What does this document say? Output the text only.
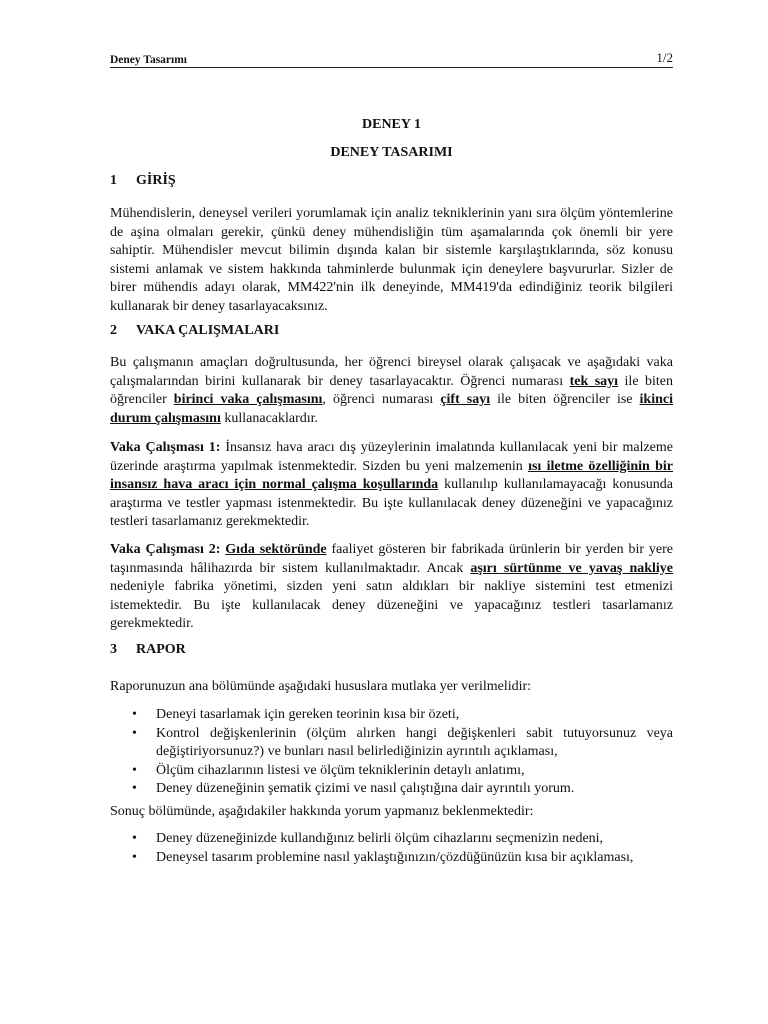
Deney Tasarımı	1/2
DENEY 1
DENEY TASARIMI
1 GİRİŞ

Mühendislerin, deneysel verileri yorumlamak için analiz tekniklerinin yanı sıra ölçüm yöntemlerine de aşina olmaları gerekir, çünkü deney mühendisliğin tüm aşamalarında çok önemli bir yere sahiptir. Mühendisler mevcut bilimin dışında kalan bir sistemle karşılaştıklarında, söz konusu sistemi anlamak ve sistem hakkında tahminlerde bulunmak için deneylere başvururlar. Sizler de birer mühendis adayı olarak, MM422'nin ilk deneyinde, MM419'da edindiğiniz teorik bilgileri kullanarak bir deney tasarlayacaksınız.

2 VAKA ÇALIŞMALARI

Bu çalışmanın amaçları doğrultusunda, her öğrenci bireysel olarak çalışacak ve aşağıdaki vaka çalışmalarından birini kullanarak bir deney tasarlayacaktır. Öğrenci numarası tek sayı ile biten öğrenciler birinci vaka çalışmasını, öğrenci numarası çift sayı ile biten öğrenciler ise ikinci durum çalışmasını kullanacaklardır.

Vaka Çalışması 1: İnsansız hava aracı dış yüzeylerinin imalatında kullanılacak yeni bir malzeme üzerinde araştırma yapılmak istenmektedir. Sizden bu yeni malzemenin ısı iletme özelliğinin bir insansız hava aracı için normal çalışma koşullarında kullanılıp kullanılamayacağı konusunda araştırma ve testler yapması istenmektedir. Bu işte kullanılacak deney düzeneğini ve yapacağınız testleri tasarlamanız gerekmektedir.

Vaka Çalışması 2: Gıda sektöründe faaliyet gösteren bir fabrikada ürünlerin bir yerden bir yere taşınmasında hâlihazırda bir sistem kullanılmaktadır. Ancak aşırı sürtünme ve yavaş nakliye nedeniyle fabrika yönetimi, sizden yeni satın aldıkları bir nakliye sistemini test etmenizi istemektedir. Bu işte kullanılacak deney düzeneğini ve yapacağınız testleri tasarlamanız gerekmektedir.

3 RAPOR

Raporunuzun ana bölümünde aşağıdaki hususlara mutlaka yer verilmelidir:

• Deneyi tasarlamak için gereken teorinin kısa bir özeti,
• Kontrol değişkenlerinin (ölçüm alırken hangi değişkenleri sabit tutuyorsunuz veya değiştiriyorsunuz?) ve bunları nasıl belirlediğinizin ayrıntılı açıklaması,
• Ölçüm cihazlarının listesi ve ölçüm tekniklerinin detaylı anlatımı,
• Deney düzeneğinin şematik çizimi ve nasıl çalıştığına dair ayrıntılı yorum.

Sonuç bölümünde, aşağıdakiler hakkında yorum yapmanız beklenmektedir:

• Deney düzeneğinizde kullandığınız belirli ölçüm cihazlarını seçmenizin nedeni,
• Deneysel tasarım problemine nasıl yaklaştığınızın/çözdüğünüzün kısa bir açıklaması,
